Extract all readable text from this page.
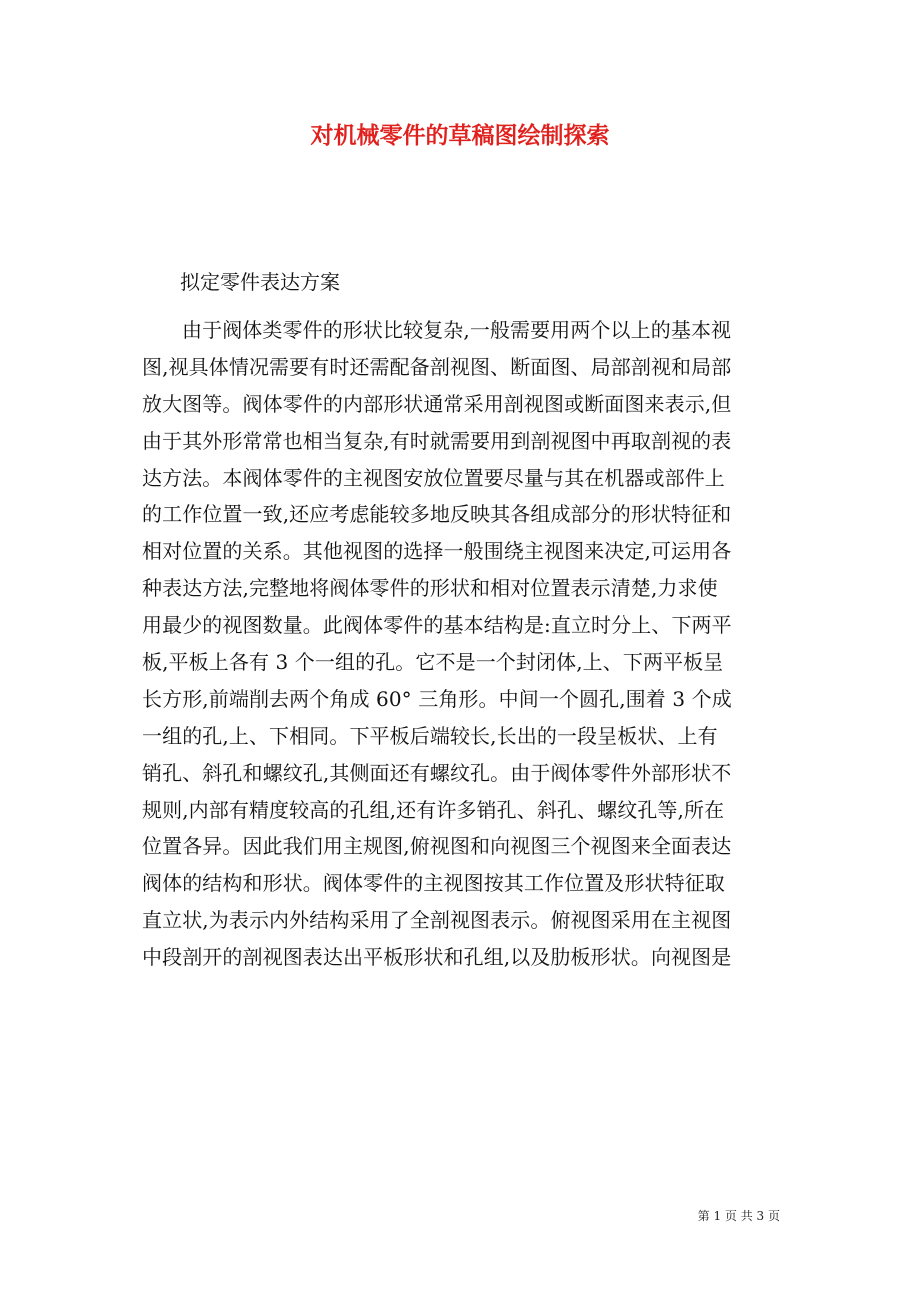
对机械零件的草稿图绘制探索
拟定零件表达方案
由于阀体类零件的形状比较复杂,一般需要用两个以上的基本视
图,视具体情况需要有时还需配备剖视图、断面图、局部剖视和局部
放大图等。阀体零件的内部形状通常采用剖视图或断面图来表示,但
由于其外形常常也相当复杂,有时就需要用到剖视图中再取剖视的表
达方法。本阀体零件的主视图安放位置要尽量与其在机器或部件上
的工作位置一致,还应考虑能较多地反映其各组成部分的形状特征和
相对位置的关系。其他视图的选择一般围绕主视图来决定,可运用各
种表达方法,完整地将阀体零件的形状和相对位置表示清楚,力求使
用最少的视图数量。此阀体零件的基本结构是:直立时分上、下两平
板,平板上各有 3 个一组的孔。它不是一个封闭体,上、下两平板呈
长方形,前端削去两个角成 60° 三角形。中间一个圆孔,围着 3 个成
一组的孔,上、下相同。下平板后端较长,长出的一段呈板状、上有
销孔、斜孔和螺纹孔,其侧面还有螺纹孔。由于阀体零件外部形状不
规则,内部有精度较高的孔组,还有许多销孔、斜孔、螺纹孔等,所在
位置各异。因此我们用主规图,俯视图和向视图三个视图来全面表达
阀体的结构和形状。阀体零件的主视图按其工作位置及形状特征取
直立状,为表示内外结构采用了全剖视图表示。俯视图采用在主视图
中段剖开的剖视图表达出平板形状和孔组,以及肋板形状。向视图是
第 1 页 共 3 页
